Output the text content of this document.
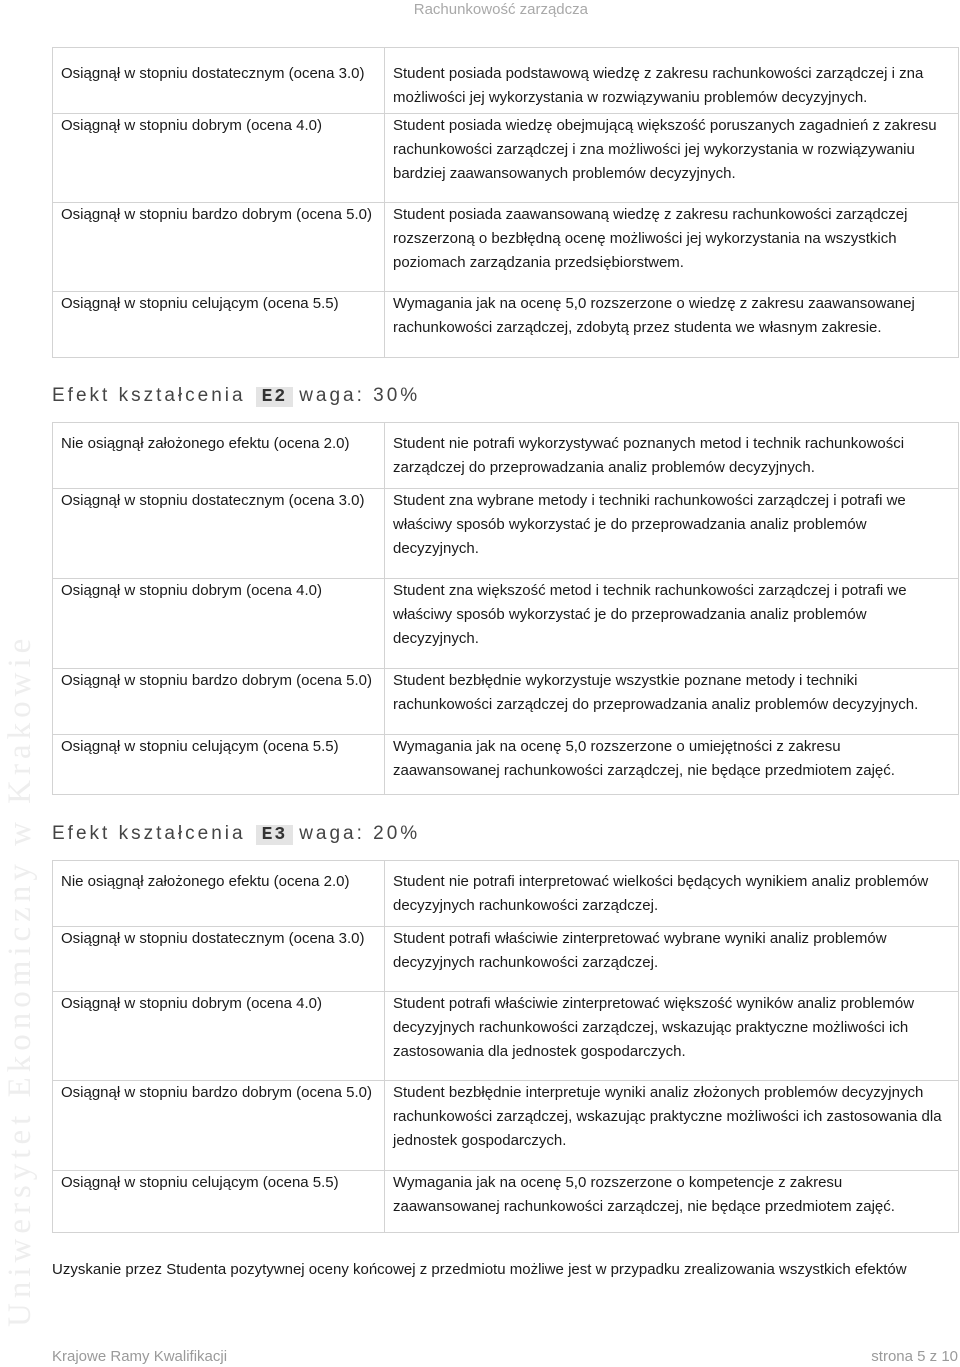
Rachunkowość zarządcza
Uniwersytet Ekonomiczny w Krakowie
Osiągnął w stopniu dostatecznym (ocena 3.0)	Student posiada podstawową wiedzę z zakresu rachunkowości zarządczej i zna możliwości jej wykorzystania w rozwiązywaniu problemów decyzyjnych.
Osiągnął w stopniu dobrym (ocena 4.0)	Student posiada wiedzę obejmującą większość poruszanych zagadnień z zakresu rachunkowości zarządczej i zna możliwości jej wykorzystania w rozwiązywaniu bardziej zaawansowanych problemów decyzyjnych.
Osiągnął w stopniu bardzo dobrym (ocena 5.0)	Student posiada zaawansowaną wiedzę z zakresu rachunkowości zarządczej rozszerzoną o bezbłędną ocenę możliwości jej wykorzystania na wszystkich poziomach zarządzania przedsiębiorstwem.
Osiągnął w stopniu celującym (ocena 5.5)	Wymagania jak na ocenę 5,0 rozszerzone o wiedzę z zakresu zaawansowanej rachunkowości zarządczej, zdobytą przez studenta we własnym zakresie.
Efekt kształcenia E2 waga: 30%
Nie osiągnął założonego efektu (ocena 2.0)	Student nie potrafi wykorzystywać poznanych metod i technik rachunkowości zarządczej do przeprowadzania analiz problemów decyzyjnych.
Osiągnął w stopniu dostatecznym (ocena 3.0)	Student zna wybrane metody i techniki rachunkowości zarządczej i potrafi we właściwy sposób wykorzystać je do przeprowadzania analiz problemów decyzyjnych.
Osiągnął w stopniu dobrym (ocena 4.0)	Student zna większość metod i technik rachunkowości zarządczej i potrafi we właściwy sposób wykorzystać je do przeprowadzania analiz problemów decyzyjnych.
Osiągnął w stopniu bardzo dobrym (ocena 5.0)	Student bezbłędnie wykorzystuje wszystkie poznane metody i techniki rachunkowości zarządczej do przeprowadzania analiz problemów decyzyjnych.
Osiągnął w stopniu celującym (ocena 5.5)	Wymagania jak na ocenę 5,0 rozszerzone o umiejętności z zakresu zaawansowanej rachunkowości zarządczej, nie będące przedmiotem zajęć.
Efekt kształcenia E3 waga: 20%
Nie osiągnął założonego efektu (ocena 2.0)	Student nie potrafi interpretować wielkości będących wynikiem analiz problemów decyzyjnych rachunkowości zarządczej.
Osiągnął w stopniu dostatecznym (ocena 3.0)	Student potrafi właściwie zinterpretować wybrane wyniki analiz problemów decyzyjnych rachunkowości zarządczej.
Osiągnął w stopniu dobrym (ocena 4.0)	Student potrafi właściwie zinterpretować większość wyników analiz problemów decyzyjnych rachunkowości zarządczej, wskazując praktyczne możliwości ich zastosowania dla jednostek gospodarczych.
Osiągnął w stopniu bardzo dobrym (ocena 5.0)	Student bezbłędnie interpretuje wyniki analiz złożonych problemów decyzyjnych rachunkowości zarządczej, wskazując praktyczne możliwości ich zastosowania dla jednostek gospodarczych.
Osiągnął w stopniu celującym (ocena 5.5)	Wymagania jak na ocenę 5,0 rozszerzone o kompetencje z zakresu zaawansowanej rachunkowości zarządczej, nie będące przedmiotem zajęć.
Uzyskanie przez Studenta pozytywnej oceny końcowej z przedmiotu możliwe jest w przypadku zrealizowania wszystkich efektów
Krajowe Ramy Kwalifikacji	strona 5 z 10
